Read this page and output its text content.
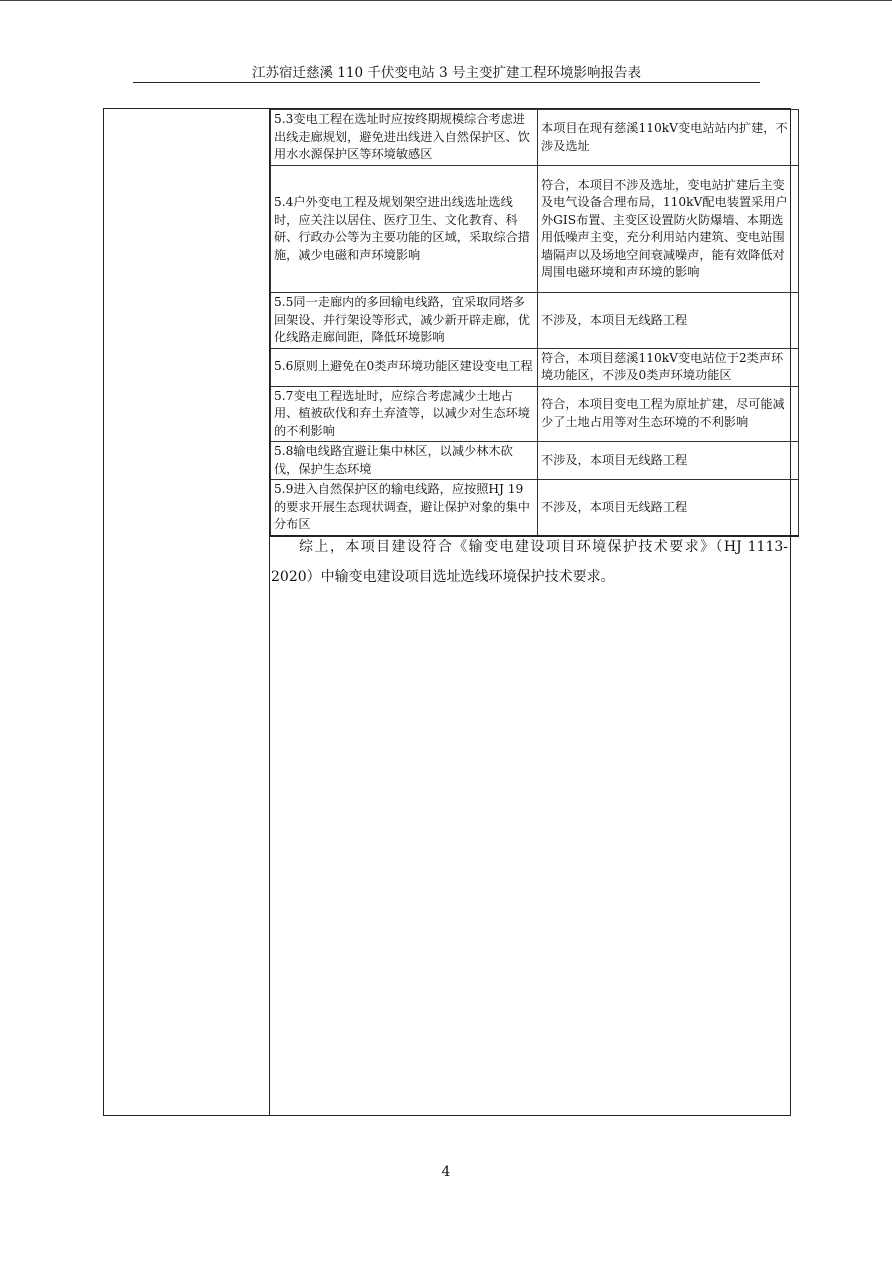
江苏宿迁慈溪 110 千伏变电站 3 号主变扩建工程环境影响报告表
5.3变电工程在选址时应按终期规模综合考虑进出线走廊规划，避免进出线进入自然保护区、饮用水水源保护区等环境敏感区	本项目在现有慈溪110kV变电站站内扩建，不涉及选址
5.4户外变电工程及规划架空进出线选址选线时，应关注以居住、医疗卫生、文化教育、科研、行政办公等为主要功能的区域，采取综合措施，减少电磁和声环境影响	符合，本项目不涉及选址，变电站扩建后主变及电气设备合理布局，110kV配电装置采用户外GIS布置、主变区设置防火防爆墙、本期选用低噪声主变，充分利用站内建筑、变电站围墙隔声以及场地空间衰减噪声，能有效降低对周围电磁环境和声环境的影响
5.5同一走廊内的多回输电线路，宜采取同塔多回架设、并行架设等形式，减少新开辟走廊，优化线路走廊间距，降低环境影响	不涉及，本项目无线路工程
5.6原则上避免在0类声环境功能区建设变电工程	符合，本项目慈溪110kV变电站位于2类声环境功能区，不涉及0类声环境功能区
5.7变电工程选址时，应综合考虑减少土地占用、植被砍伐和弃土弃渣等，以减少对生态环境的不利影响	符合，本项目变电工程为原址扩建，尽可能减少了土地占用等对生态环境的不利影响
5.8输电线路宜避让集中林区，以减少林木砍伐，保护生态环境	不涉及，本项目无线路工程
5.9进入自然保护区的输电线路，应按照HJ 19 的要求开展生态现状调查，避让保护对象的集中分布区	不涉及，本项目无线路工程
综上，本项目建设符合《输变电建设项目环境保护技术要求》（HJ 1113-2020）中输变电建设项目选址选线环境保护技术要求。
4
